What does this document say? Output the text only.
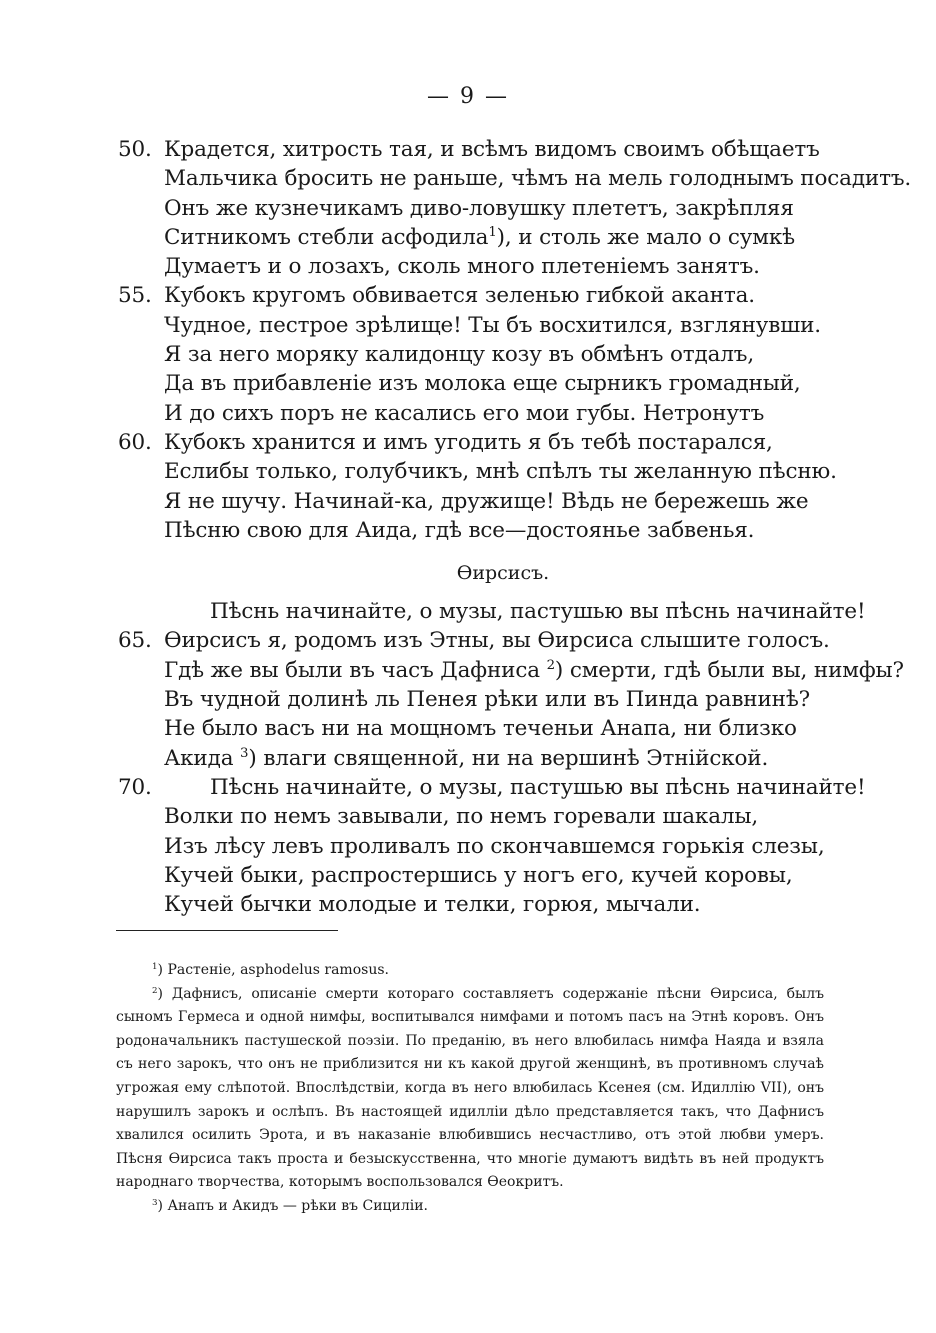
— 9 —
50. Крадется, хитрость тая, и всѣмъ видомъ своимъ обѣщаетъ
Мальчика бросить не раньше, чѣмъ на мель голоднымъ посадитъ.
Онъ же кузнечикамъ диво-ловушку плететъ, закрѣпляя
Ситникомъ стебли асфодила$^1$), и столь же мало о сумкѣ
Думаетъ и о лозахъ, сколь много плетеніемъ занятъ.
55. Кубокъ кругомъ обвивается зеленью гибкой аканта.
Чудное, пестрое зрѣлище! Ты бъ восхитился, взглянувши.
Я за него моряку калидонцу козу въ обмѣнъ отдалъ,
Да въ прибавленіе изъ молока еще сырникъ громадный,
И до сихъ поръ не касались его мои губы. Нетронутъ
60. Кубокъ хранится и имъ угодить я бъ тебѣ постарался,
Еслибы только, голубчикъ, мнѣ спѣлъ ты желанную пѣсню.
Я не шучу. Начинай-ка, дружище! Вѣдь не бережешь же
Пѣсню свою для Аида, гдѣ все—достоянье забвенья.
Ѳирсисъ.
Пѣснь начинайте, о музы, пастушью вы пѣснь начинайте!
65. Ѳирсисъ я, родомъ изъ Этны, вы Ѳирсиса слышите голосъ.
Гдѣ же вы были въ часъ Дафниса $^2$) смерти, гдѣ были вы, нимфы?
Въ чудной долинѣ ль Пенея рѣки или въ Пинда равнинѣ?
Не было васъ ни на мощномъ теченьи Анапа, ни близко
Акида $^3$) влаги священной, ни на вершинѣ Этнійской.
70.	Пѣснь начинайте, о музы, пастушью вы пѣснь начинайте!
Волки по немъ завывали, по немъ горевали шакалы,
Изъ лѣсу левъ проливалъ по скончавшемся горькія слезы,
Кучей быки, распростершись у ногъ его, кучей коровы,
Кучей бычки молодые и телки, горюя, мычали.

$^1$) Растеніе, asphodelus ramosus.

$^2$) Дафнисъ, описаніе смерти котораго составляетъ содержаніе пѣсни Ѳирсиса, былъ сыномъ Гермеса и одной нимфы, воспитывался нимфами и потомъ пасъ на Этнѣ коровъ. Онъ родоначальникъ пастушеской поэзіи. По преданію, въ него влюбилась нимфа Наяда и взяла съ него зарокъ, что онъ не приблизится ни къ какой другой женщинѣ, въ противномъ случаѣ угрожая ему слѣпотой. Впослѣдствіи, когда въ него влюбилась Ксенея (см. Идиллію VII), онъ нарушилъ зарокъ и ослѣпъ. Въ настоящей идилліи дѣло представляется такъ, что Дафнисъ хвалился осилить Эрота, и въ наказаніе влюбившись несчастливо, отъ этой любви умеръ. Пѣсня Ѳирсиса такъ проста и безыскусственна, что многіе думаютъ видѣть въ ней продуктъ народнаго творчества, которымъ воспользовался Ѳеокритъ.

$^3$) Анапъ и Акидъ — рѣки въ Сициліи.
